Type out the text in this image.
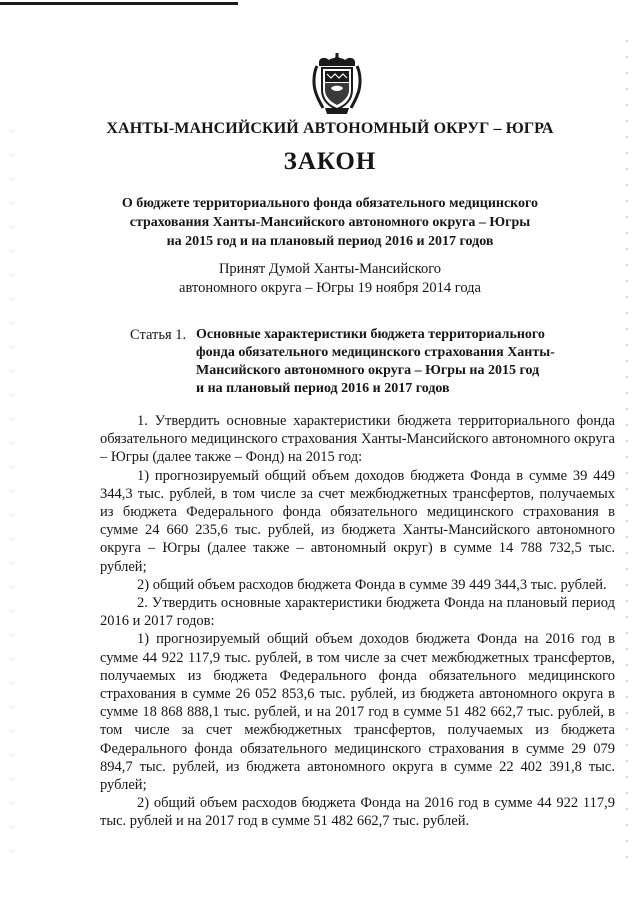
ХАНТЫ-МАНСИЙСКИЙ АВТОНОМНЫЙ ОКРУГ – ЮГРА
ЗАКОН
О бюджете территориального фонда обязательного медицинского
страхования Ханты-Мансийского автономного округа – Югры
на 2015 год и на плановый период 2016 и 2017 годов
Принят Думой Ханты-Мансийского
автономного округа – Югры 19 ноября 2014 года
Статья 1. Основные характеристики бюджета территориального
фонда обязательного медицинского страхования Ханты-
Мансийского автономного округа – Югры на 2015 год
и на плановый период 2016 и 2017 годов

1. Утвердить основные характеристики бюджета территориального фонда обязательного медицинского страхования Ханты-Мансийского автономного округа – Югры (далее также – Фонд) на 2015 год:

1) прогнозируемый общий объем доходов бюджета Фонда в сумме 39 449 344,3 тыс. рублей, в том числе за счет межбюджетных трансфертов, получаемых из бюджета Федерального фонда обязательного медицинского страхования в сумме 24 660 235,6 тыс. рублей, из бюджета Ханты-Мансийского автономного округа – Югры (далее также – автономный округ) в сумме 14 788 732,5 тыс. рублей;

2) общий объем расходов бюджета Фонда в сумме 39 449 344,3 тыс. рублей.

2. Утвердить основные характеристики бюджета Фонда на плановый период 2016 и 2017 годов:

1) прогнозируемый общий объем доходов бюджета Фонда на 2016 год в сумме 44 922 117,9 тыс. рублей, в том числе за счет межбюджетных трансфертов, получаемых из бюджета Федерального фонда обязательного медицинского страхования в сумме 26 052 853,6 тыс. рублей, из бюджета автономного округа в сумме 18 868 888,1 тыс. рублей, и на 2017 год в сумме 51 482 662,7 тыс. рублей, в том числе за счет межбюджетных трансфертов, получаемых из бюджета Федерального фонда обязательного медицинского страхования в сумме 29 079 894,7 тыс. рублей, из бюджета автономного округа в сумме 22 402 391,8 тыс. рублей;

2) общий объем расходов бюджета Фонда на 2016 год в сумме 44 922 117,9 тыс. рублей и на 2017 год в сумме 51 482 662,7 тыс. рублей.
